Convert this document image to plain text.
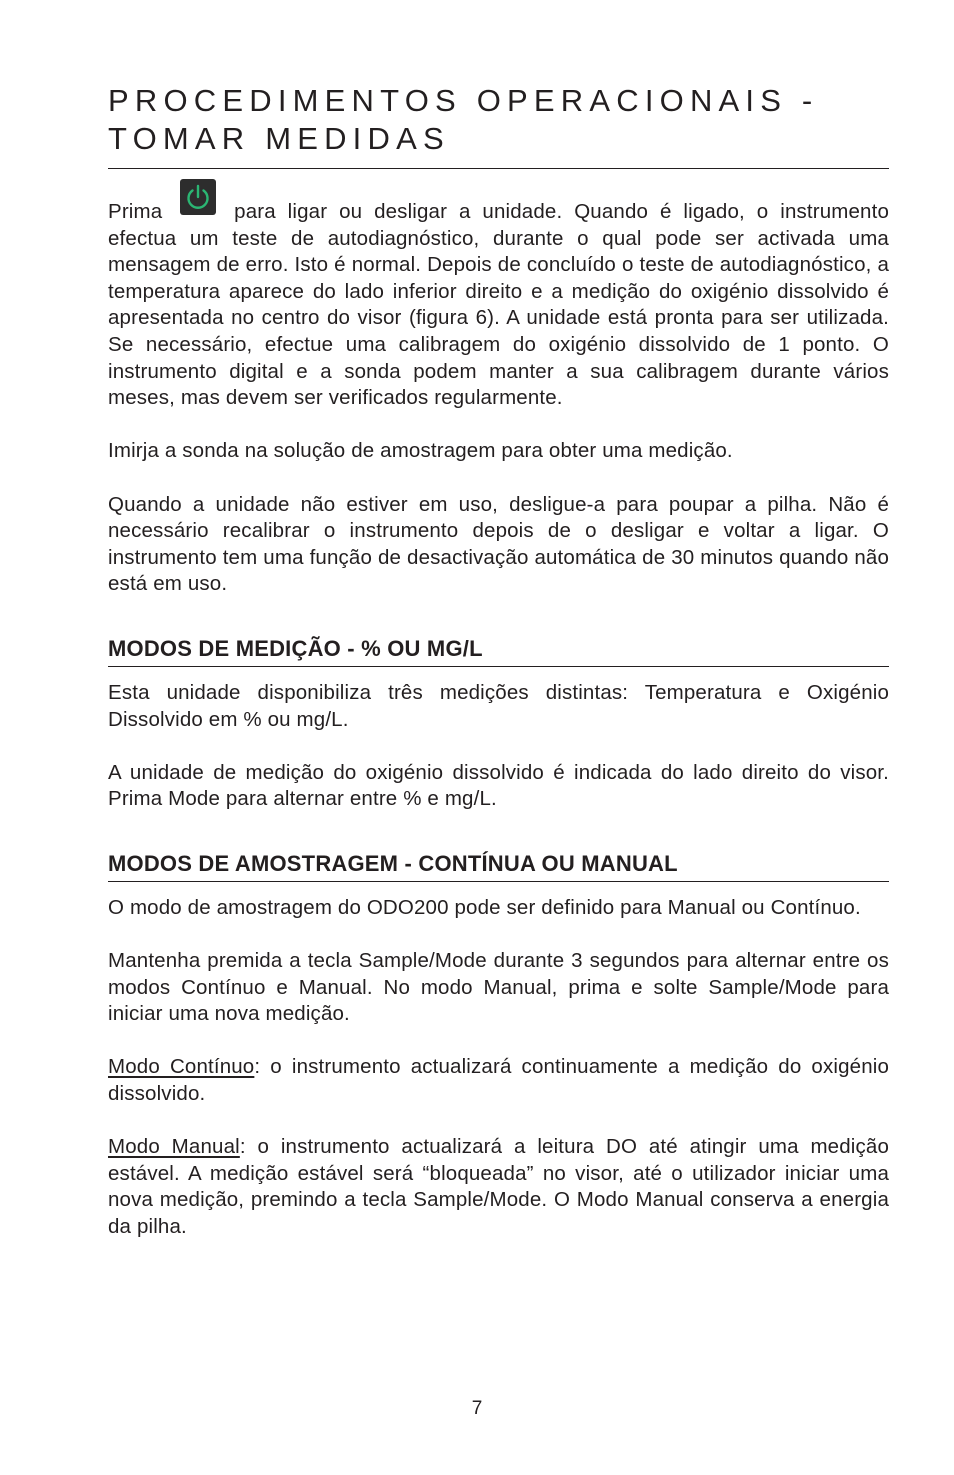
PROCEDIMENTOS OPERACIONAIS -
TOMAR MEDIDAS

Prima	para ligar ou desligar a unidade. Quando é ligado, o instrumento efectua um teste de autodiagnóstico, durante o qual pode ser activada uma mensagem de erro. Isto é normal. Depois de concluído o teste de autodiagnóstico, a temperatura aparece do lado inferior direito e a medição do oxigénio dissolvido é apresentada no centro do visor (figura 6). A unidade está pronta para ser utilizada. Se necessário, efectue uma calibragem do oxigénio dissolvido de 1 ponto. O instrumento digital e a sonda podem manter a sua calibragem durante vários meses, mas devem ser verificados regularmente.

Imirja a sonda na solução de amostragem para obter uma medição.

Quando a unidade não estiver em uso, desligue-a para poupar a pilha. Não é necessário recalibrar o instrumento depois de o desligar e voltar a ligar. O instrumento tem uma função de desactivação automática de 30 minutos quando não está em uso.

MODOS DE MEDIÇÃO - % OU MG/L

Esta unidade disponibiliza três medições distintas: Temperatura e Oxigénio Dissolvido em % ou mg/L.

A unidade de medição do oxigénio dissolvido é indicada do lado direito do visor. Prima Mode para alternar entre % e mg/L.

MODOS DE AMOSTRAGEM - CONTÍNUA OU MANUAL

O modo de amostragem do ODO200 pode ser definido para Manual ou Contínuo.

Mantenha premida a tecla Sample/Mode durante 3 segundos para alternar entre os modos Contínuo e Manual. No modo Manual, prima e solte Sample/Mode para iniciar uma nova medição.

Modo Contínuo: o instrumento actualizará continuamente a medição do oxigénio dissolvido.

Modo Manual: o instrumento actualizará a leitura DO até atingir uma medição estável. A medição estável será “bloqueada” no visor, até o utilizador iniciar uma nova medição, premindo a tecla Sample/Mode. O Modo Manual conserva a energia da pilha.

7
